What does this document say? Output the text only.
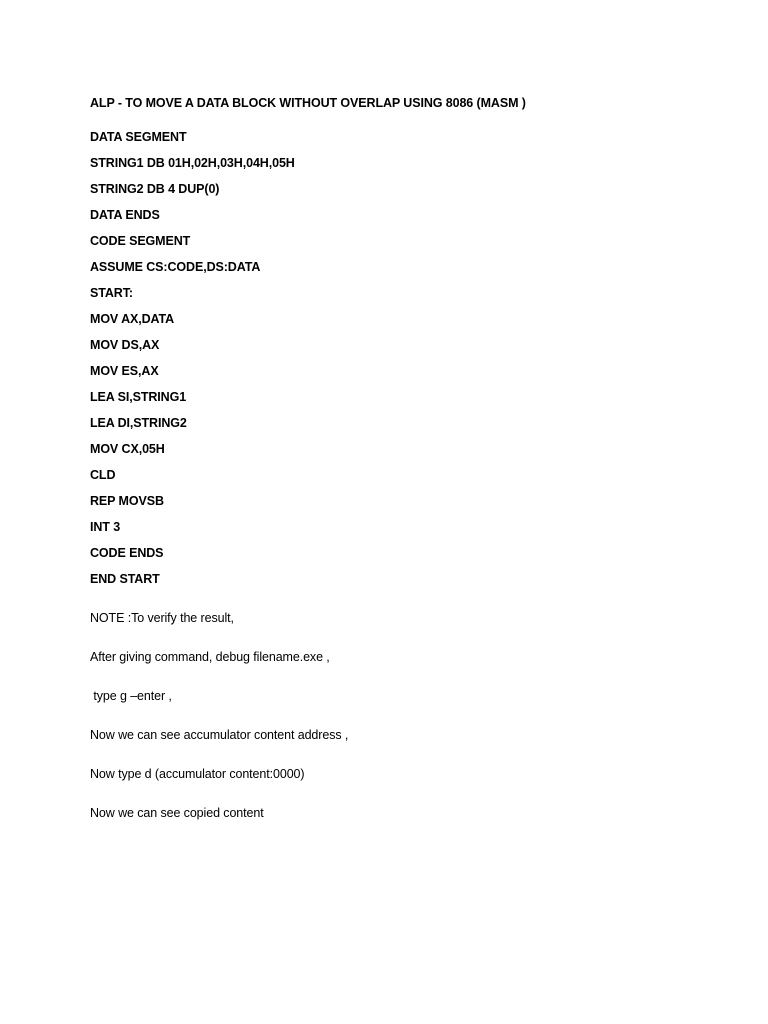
ALP - TO MOVE A DATA BLOCK WITHOUT OVERLAP USING 8086 (MASM )
DATA SEGMENT
STRING1 DB 01H,02H,03H,04H,05H
STRING2 DB 4 DUP(0)
DATA ENDS
CODE SEGMENT
ASSUME CS:CODE,DS:DATA
START:
MOV AX,DATA
MOV DS,AX
MOV ES,AX
LEA SI,STRING1
LEA DI,STRING2
MOV CX,05H
CLD
REP MOVSB
INT 3
CODE ENDS
END START
NOTE :To verify the result,
After giving command, debug filename.exe ,
type g –enter ,
Now we can see accumulator content address ,
Now type d (accumulator content:0000)
Now we can see copied content
